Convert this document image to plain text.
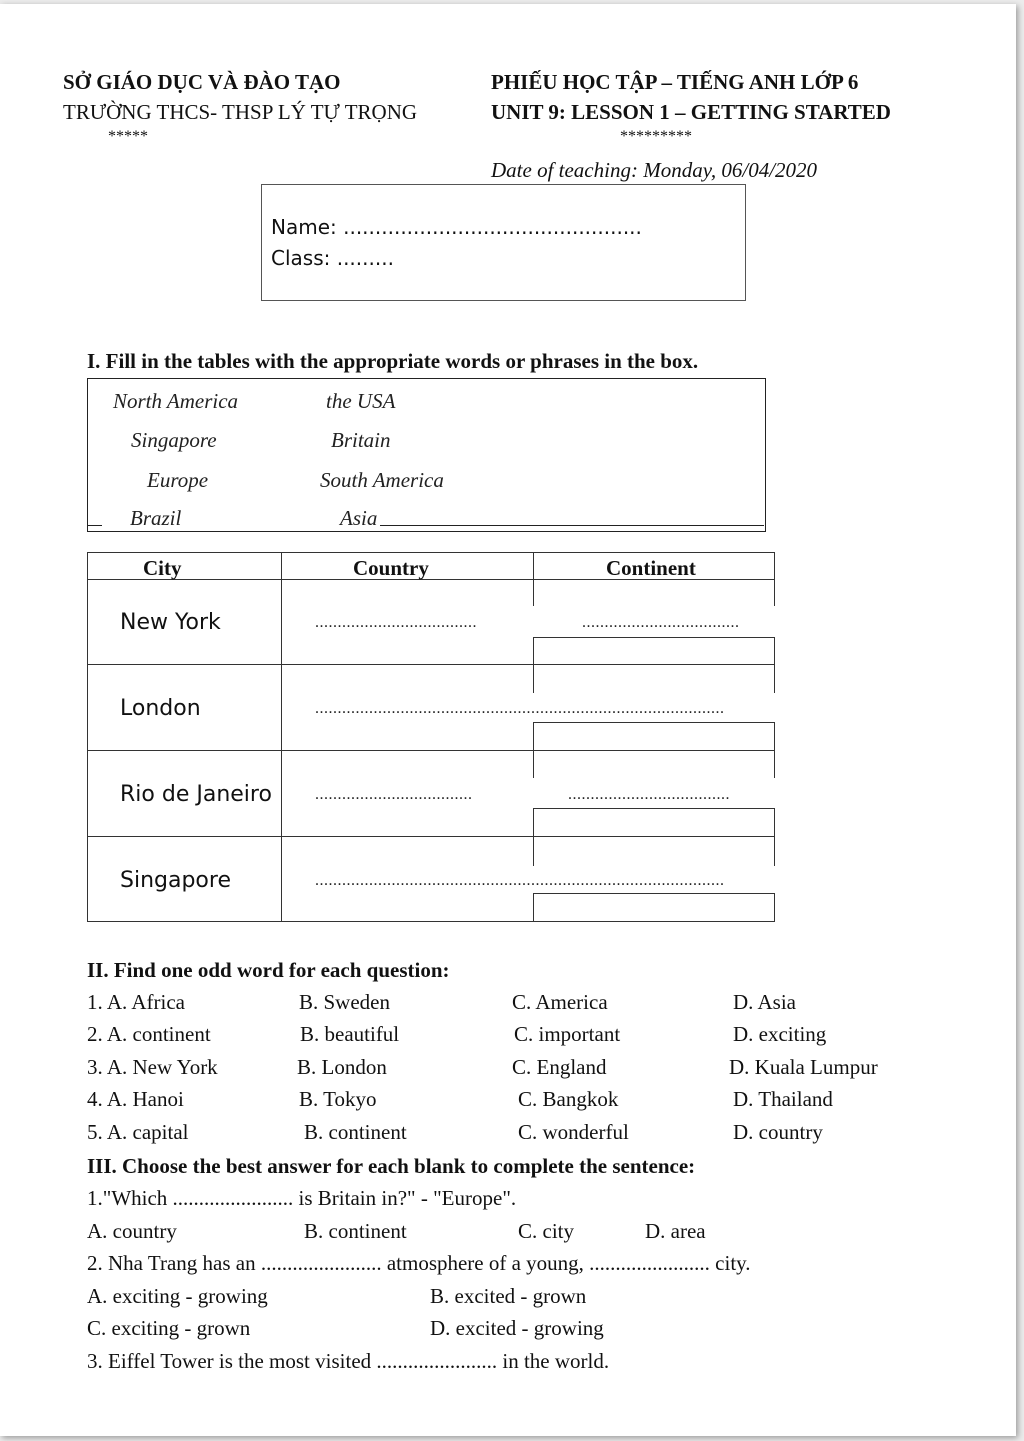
SỞ GIÁO DỤC VÀ ĐÀO TẠO
TRƯỜNG THCS- THSP LÝ TỰ TRỌNG
*****
PHIẾU HỌC TẬP – TIẾNG ANH LỚP 6
UNIT 9: LESSON 1 – GETTING STARTED
*********
Date of teaching: Monday, 06/04/2020
Name: ...............................................
Class: .........
I. Fill in the tables with the appropriate words or phrases in the box.
North America	the USA
Singapore	Britain
Europe	South America
Brazil	Asia
City	Country	Continent
New York	....................................	...................................
London	...........................................................................................
Rio de Janeiro	...................................	....................................
Singapore	...........................................................................................
II. Find one odd word for each question:
1. A. Africa	B. Sweden	C. America	D. Asia
2. A. continent	B. beautiful	C. important	D. exciting
3. A. New York	B. London	C. England	D. Kuala Lumpur
4. A. Hanoi	B. Tokyo	C. Bangkok	D. Thailand
5. A. capital	B. continent	C. wonderful	D. country
III. Choose the best answer for each blank to complete the sentence:
1."Which ....................... is Britain in?" - "Europe".
A. country	B. continent	C. city	D. area
2. Nha Trang has an ....................... atmosphere of a young, ....................... city.
A. exciting - growing	B. excited - grown
C. exciting - grown	D. excited - growing
3. Eiffel Tower is the most visited ....................... in the world.
